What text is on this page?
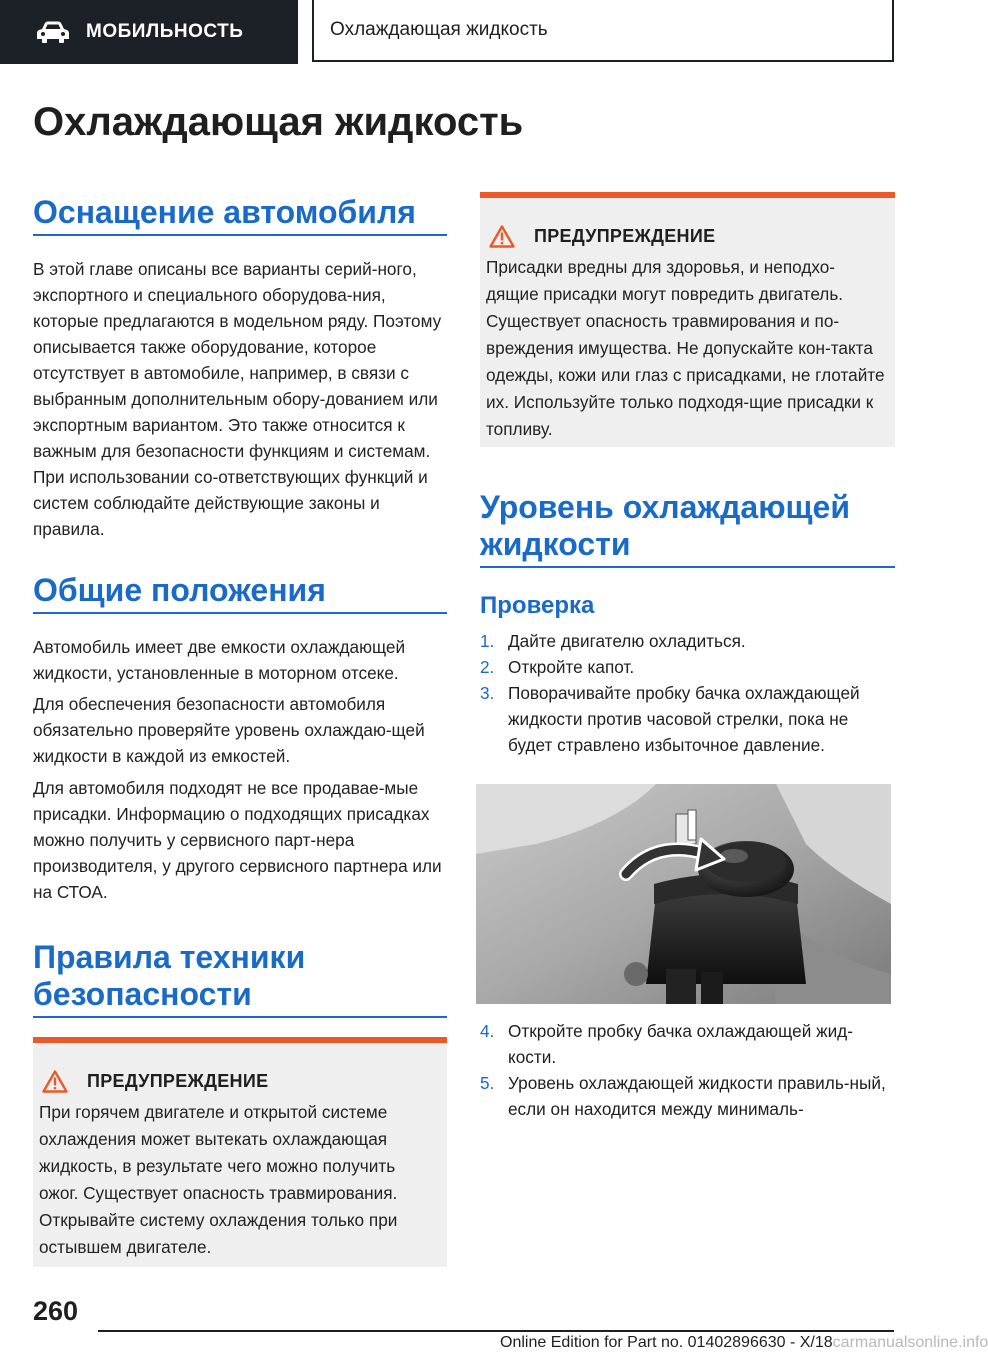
МОБИЛЬНОСТЬ	Охлаждающая жидкость
Охлаждающая жидкость
Оснащение автомобиля

В этой главе описаны все варианты серий-ного, экспортного и специального оборудова-ния, которые предлагаются в модельном ряду. Поэтому описывается также оборудование, которое отсутствует в автомобиле, например, в связи с выбранным дополнительным обору-дованием или экспортным вариантом. Это также относится к важным для безопасности функциям и системам. При использовании со-ответствующих функций и систем соблюдайте действующие законы и правила.

Общие положения

Автомобиль имеет две емкости охлаждающей жидкости, установленные в моторном отсеке.

Для обеспечения безопасности автомобиля обязательно проверяйте уровень охлаждаю-щей жидкости в каждой из емкостей.

Для автомобиля подходят не все продавае-мые присадки. Информацию о подходящих присадках можно получить у сервисного парт-нера производителя, у другого сервисного партнера или на СТОА.

Правила техники
безопасности
ПРЕДУПРЕЖДЕНИЕ
При горячем двигателе и открытой системе охлаждения может вытекать охлаждающая жидкость, в результате чего можно получить ожог. Существует опасность травмирования. Открывайте систему охлаждения только при остывшем двигателе.
ПРЕДУПРЕЖДЕНИЕ
Присадки вредны для здоровья, и неподхо-дящие присадки могут повредить двигатель. Существует опасность травмирования и по-вреждения имущества. Не допускайте кон-такта одежды, кожи или глаз с присадками, не глотайте их. Используйте только подходя-щие присадки к топливу.
Уровень охлаждающей
жидкости
Проверка
1. Дайте двигателю охладиться.
2. Откройте капот.
3. Поворачивайте пробку бачка охлаждающей жидкости против часовой стрелки, пока не будет стравлено избыточное давление.
4. Откройте пробку бачка охлаждающей жид-кости.
5. Уровень охлаждающей жидкости правиль-ный, если он находится между минималь-
260
Online Edition for Part no. 01402896630 - X/18carmanualsonline.info
